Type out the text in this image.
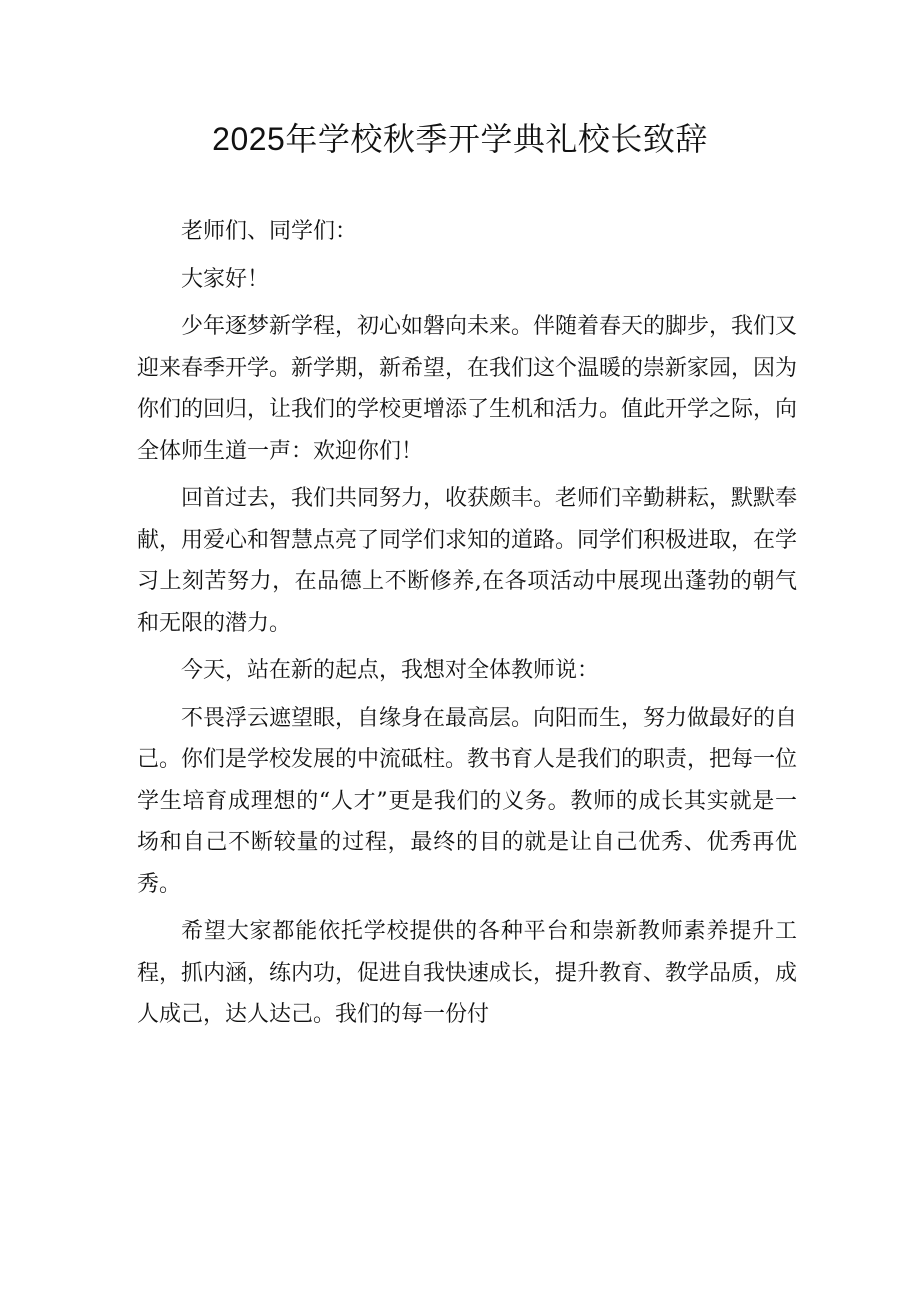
2025年学校秋季开学典礼校长致辞

老师们、同学们：

大家好！

少年逐梦新学程，初心如磐向未来。伴随着春天的脚步，我们又迎来春季开学。新学期，新希望，在我们这个温暖的崇新家园，因为你们的回归，让我们的学校更增添了生机和活力。值此开学之际，向全体师生道一声：欢迎你们！

回首过去，我们共同努力，收获颇丰。老师们辛勤耕耘，默默奉献，用爱心和智慧点亮了同学们求知的道路。同学们积极进取，在学习上刻苦努力，在品德上不断修养,在各项活动中展现出蓬勃的朝气和无限的潜力。

今天，站在新的起点，我想对全体教师说：

不畏浮云遮望眼，自缘身在最高层。向阳而生，努力做最好的自己。你们是学校发展的中流砥柱。教书育人是我们的职责，把每一位学生培育成理想的“人才”更是我们的义务。教师的成长其实就是一场和自己不断较量的过程，最终的目的就是让自己优秀、优秀再优秀。

希望大家都能依托学校提供的各种平台和崇新教师素养提升工程，抓内涵，练内功，促进自我快速成长，提升教育、教学品质，成人成己，达人达己。我们的每一份付
